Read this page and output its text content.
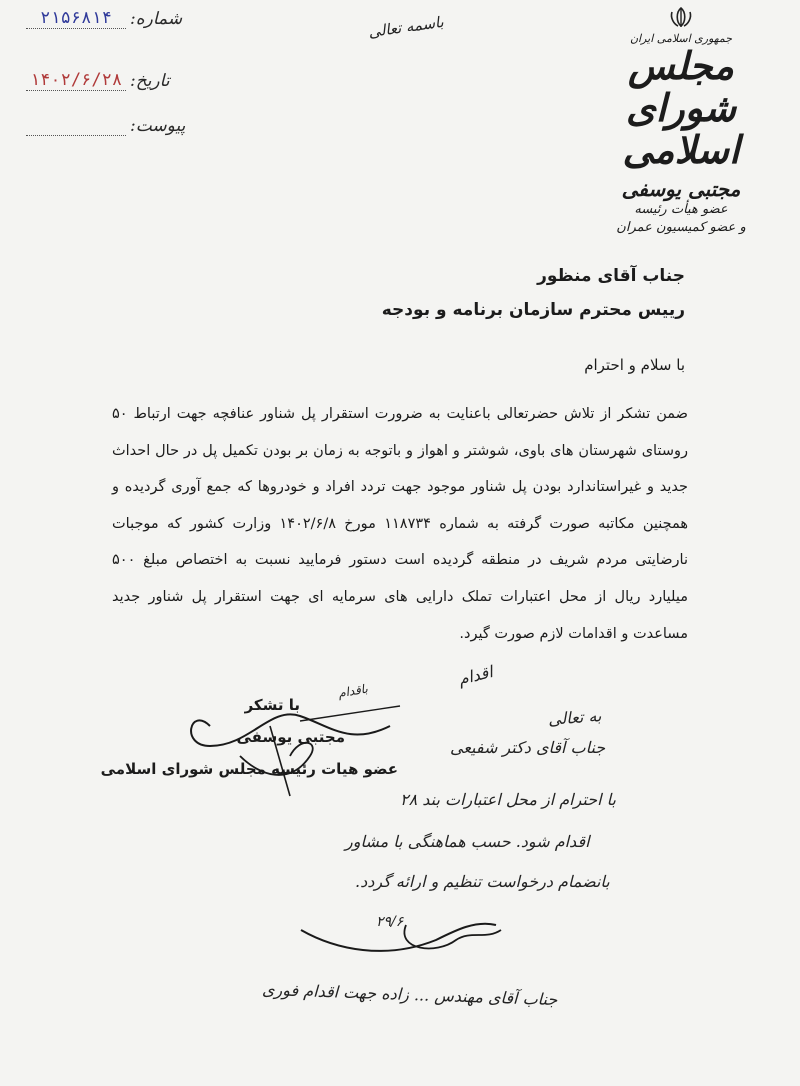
شماره:
۲۱۵۶۸۱۴
تاریخ:
۱۴۰۲/۶/۲۸
پیوست:
باسمه تعالی	جمهوری اسلامی ایران
مجلس شورای اسلامی
مجتبی یوسفی
عضو هیأت رئیسه
و عضو کمیسیون عمران
جناب آقای منظور
رییس محترم سازمان برنامه و بودجه
با سلام و احترام
ضمن تشکر از تلاش حضرتعالی باعنایت به ضرورت استقرار پل شناور عنافچه جهت ارتباط ۵۰ روستای شهرستان های باوی، شوشتر و اهواز و باتوجه به زمان بر بودن تکمیل پل در حال احداث جدید و غیراستاندارد بودن پل شناور موجود جهت تردد افراد و خودروها که جمع آوری گردیده و همچنین مکاتبه صورت گرفته به شماره ۱۱۸۷۳۴ مورخ ۱۴۰۲/۶/۸ وزارت کشور که موجبات نارضایتی مردم شریف در منطقه گردیده است دستور فرمایید نسبت به اختصاص مبلغ ۵۰۰ میلیارد ریال از محل اعتبارات تملک دارایی های سرمایه ای جهت استقرار پل شناور جدید مساعدت و اقدامات لازم صورت گیرد.
با تشکر
مجتبی یوسفی
عضو هیات رئیسه مجلس شورای اسلامی
باقدام
اقدام
به تعالی
جناب آقای دکتر شفیعی
با احترام از محل اعتبارات بند ۲۸
اقدام شود. حسب هماهنگی با مشاور
بانضمام درخواست تنظیم و ارائه گردد.
۲۹/۶
جناب آقای مهندس ... زاده جهت اقدام فوری
